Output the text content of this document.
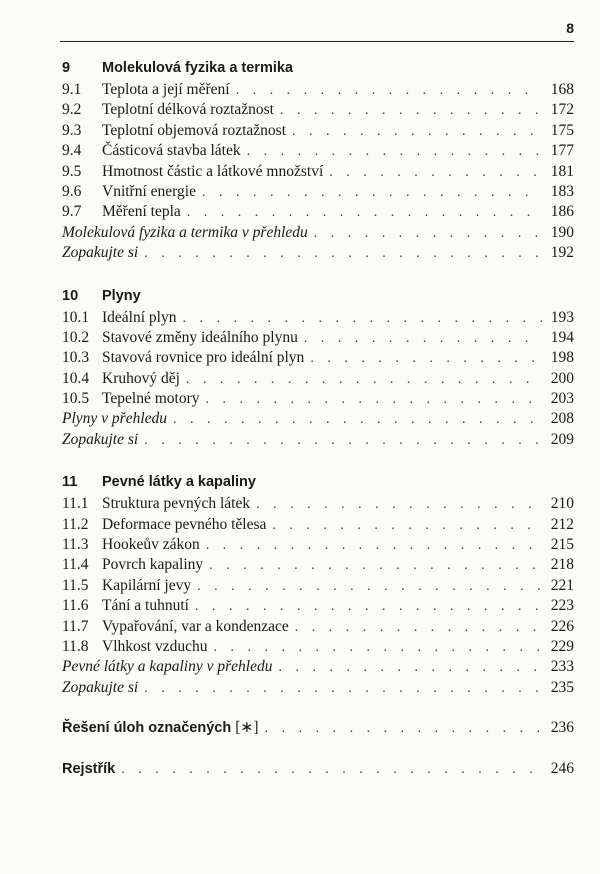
8
9	Molekulová fyzika a termika
9.1	Teplota a její měření . . .	168
9.2	Teplotní délková roztažnost . . .	172
9.3	Teplotní objemová roztažnost . . .	175
9.4	Částicová stavba látek . . .	177
9.5	Hmotnost částic a látkové množství . . .	181
9.6	Vnitřní energie . . .	183
9.7	Měření tepla . . .	186
Molekulová fyzika a termika v přehledu . . .	190
Zopakujte si . . .	192
10	Plyny
10.1 Ideální plyn . . .	193
10.2 Stavové změny ideálního plynu . . .	194
10.3 Stavová rovnice pro ideální plyn . . .	198
10.4 Kruhový děj . . .	200
10.5 Tepelné motory . . .	203
Plyny v přehledu . . .	208
Zopakujte si . . .	209
11	Pevné látky a kapaliny
11.1 Struktura pevných látek . . .	210
11.2 Deformace pevného tělesa . . .	212
11.3 Hookeův zákon . . .	215
11.4 Povrch kapaliny . . .	218
11.5 Kapilární jevy . . .	221
11.6 Tání a tuhnutí . . .	223
11.7 Vypařování, var a kondenzace . . .	226
11.8 Vlhkost vzduchu . . .	229
Pevné látky a kapaliny v přehledu . . .	233
Zopakujte si . . .	235
Řešení úloh označených [∗] . . .	236
Rejstřík . . .	246
